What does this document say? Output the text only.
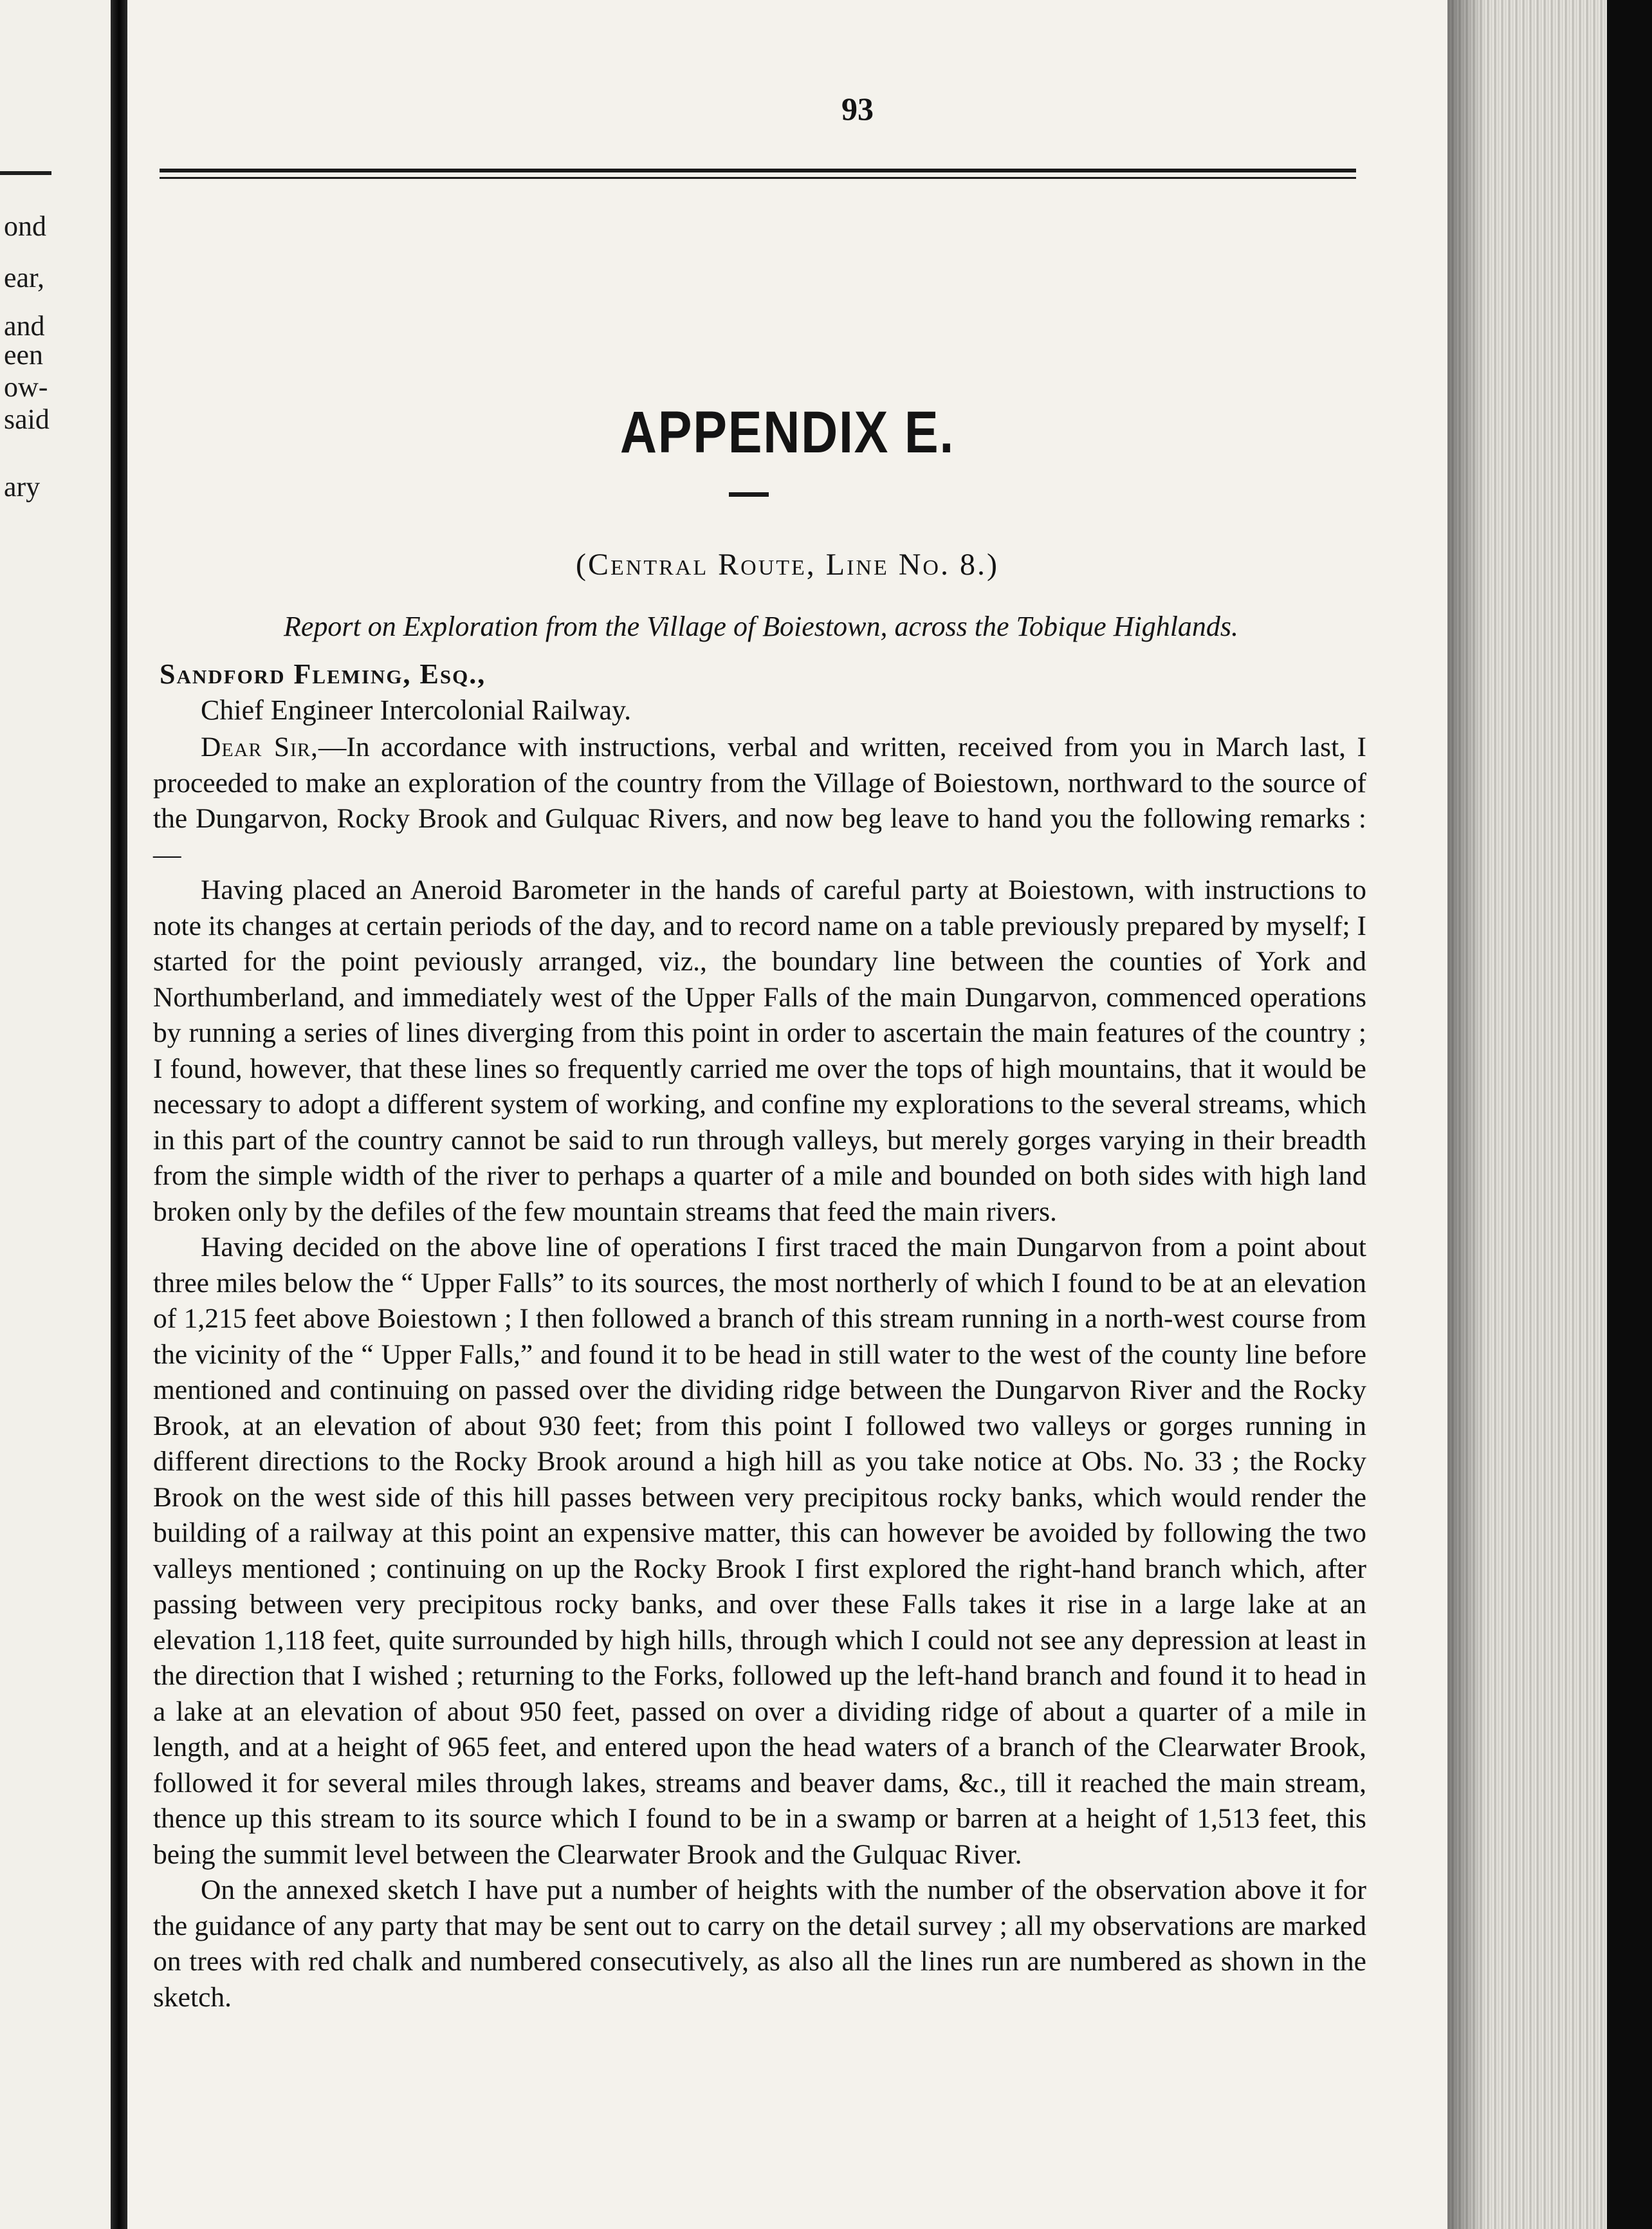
ond
ear,
and
een
ow-
said
ary
93
APPENDIX E.
(Central Route, Line No. 8.)
Report on Exploration from the Village of Boiestown, across the Tobique Highlands.
Sandford Fleming, Esq.,
Chief Engineer Intercolonial Railway.

Dear Sir,—In accordance with instructions, verbal and written, received from you in March last, I proceeded to make an exploration of the country from the Village of Boiestown, northward to the source of the Dungarvon, Rocky Brook and Gulquac Rivers, and now beg leave to hand you the following remarks :—

Having placed an Aneroid Barometer in the hands of careful party at Boiestown, with instructions to note its changes at certain periods of the day, and to record name on a table previously prepared by myself; I started for the point peviously arranged, viz., the boundary line between the counties of York and Northumberland, and immediately west of the Upper Falls of the main Dungarvon, commenced operations by running a series of lines diverging from this point in order to ascertain the main features of the country ; I found, however, that these lines so frequently carried me over the tops of high mountains, that it would be necessary to adopt a different system of working, and confine my explorations to the several streams, which in this part of the country cannot be said to run through valleys, but merely gorges varying in their breadth from the simple width of the river to perhaps a quarter of a mile and bounded on both sides with high land broken only by the defiles of the few mountain streams that feed the main rivers.

Having decided on the above line of operations I first traced the main Dungarvon from a point about three miles below the “ Upper Falls” to its sources, the most northerly of which I found to be at an elevation of 1,215 feet above Boiestown ; I then followed a branch of this stream running in a north-west course from the vicinity of the “ Upper Falls,” and found it to be head in still water to the west of the county line before mentioned and continuing on passed over the dividing ridge between the Dungarvon River and the Rocky Brook, at an elevation of about 930 feet; from this point I followed two valleys or gorges running in different directions to the Rocky Brook around a high hill as you take notice at Obs. No. 33 ; the Rocky Brook on the west side of this hill passes between very precipitous rocky banks, which would render the building of a railway at this point an expensive matter, this can however be avoided by following the two valleys mentioned ; continuing on up the Rocky Brook I first explored the right-hand branch which, after passing between very precipitous rocky banks, and over these Falls takes it rise in a large lake at an elevation 1,118 feet, quite surrounded by high hills, through which I could not see any depression at least in the direction that I wished ; returning to the Forks, followed up the left-hand branch and found it to head in a lake at an elevation of about 950 feet, passed on over a dividing ridge of about a quarter of a mile in length, and at a height of 965 feet, and entered upon the head waters of a branch of the Clearwater Brook, followed it for several miles through lakes, streams and beaver dams, &c., till it reached the main stream, thence up this stream to its source which I found to be in a swamp or barren at a height of 1,513 feet, this being the summit level between the Clearwater Brook and the Gulquac River.

On the annexed sketch I have put a number of heights with the number of the observation above it for the guidance of any party that may be sent out to carry on the detail survey ; all my observations are marked on trees with red chalk and numbered consecutively, as also all the lines run are numbered as shown in the sketch.
